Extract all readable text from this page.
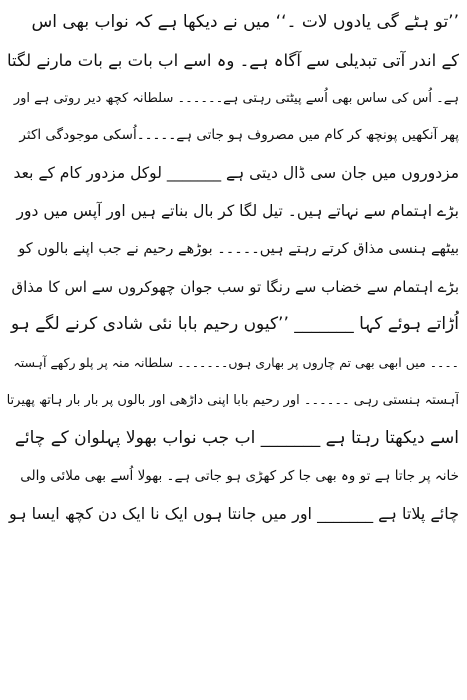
’’تو ہٹے گی یادوں لات ۔‘‘ میں نے دیکھا ہے کہ نواب بھی اس
کے اندر آتی تبدیلی سے آگاہ ہے۔ وہ اسے اب بات بے بات مارنے لگتا
ہے۔ اُس کی ساس بھی اُسے پیٹتی رہتی ہے۔۔۔۔۔۔ سلطانہ کچھ دیر روتی ہے اور
پھر آنکھیں پونچھ کر کام میں مصروف ہو جاتی ہے۔۔۔۔۔اُسکی موجودگی اکثر
مزدوروں میں جان سی ڈال دیتی ہے _______ لوکل مزدور کام کے بعد
بڑے اہتمام سے نہاتے ہیں۔ تیل لگا کر بال بناتے ہیں اور آپس میں دور
بیٹھے ہنسی مذاق کرتے رہتے ہیں۔۔۔۔۔ بوڑھے رحیم نے جب اپنے بالوں کو
بڑے اہتمام سے خضاب سے رنگا تو سب جوان چھوکروں سے اس کا مذاق
اُڑاتے ہوئے کہا _______ ’’کیوں رحیم بابا نئی شادی کرنے لگے ہو
۔۔۔۔ میں ابھی بھی تم چاروں پر بھاری ہوں۔۔۔۔۔۔۔ سلطانہ منہ پر پلو رکھے آہستہ
آہستہ ہنستی رہی ۔۔۔۔۔۔ اور رحیم بابا اپنی داڑھی اور بالوں پر بار بار ہاتھ پھیرتا
اسے دیکھتا رہتا ہے _______ اب جب نواب بھولا پہلوان کے چائے
خانہ پر جاتا ہے تو وہ بھی جا کر کھڑی ہو جاتی ہے۔ بھولا اُسے بھی ملائی والی
چائے پلاتا ہے _______ اور میں جانتا ہوں ایک نا ایک دن کچھ ایسا ہو
